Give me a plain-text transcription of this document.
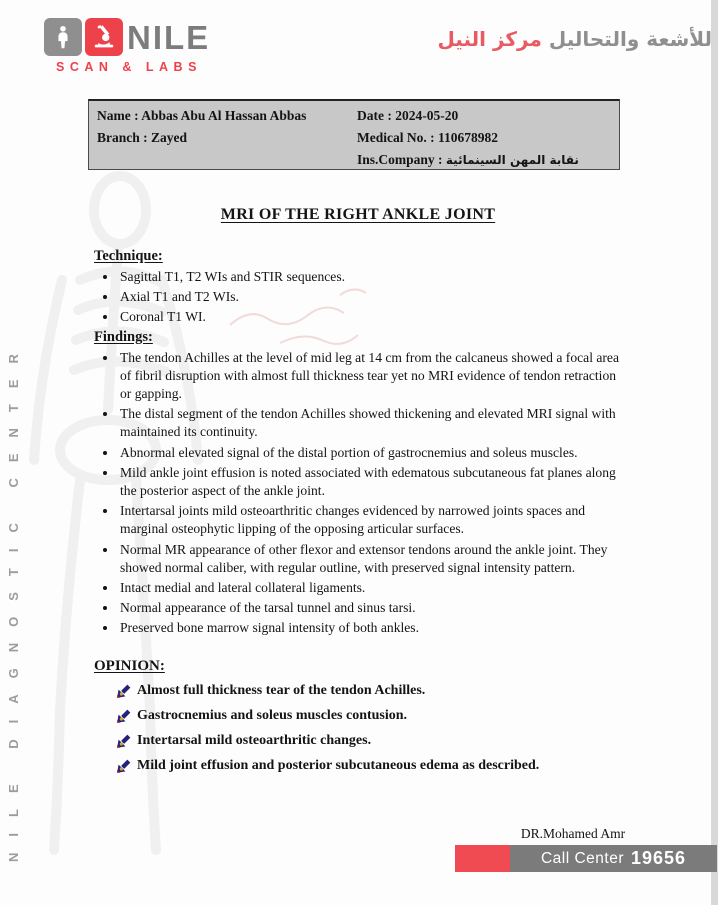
NILE DIAGNOSTIC CENTER
NILE
SCAN & LABS
مركز النيل للأشعة والتحاليل
Name : Abbas Abu Al Hassan Abbas
Branch : Zayed
Date : 2024-05-20
Medical No. : 110678982
Ins.Company : نقابة المهن السينمائية
MRI OF THE RIGHT ANKLE JOINT
Technique:
• Sagittal T1, T2 WIs and STIR sequences.
• Axial T1 and T2 WIs.
• Coronal T1 WI.
Findings:
• The tendon Achilles at the level of mid leg at 14 cm from the calcaneus showed a focal area of fibril disruption with almost full thickness tear yet no MRI evidence of tendon retraction or gapping.
• The distal segment of the tendon Achilles showed thickening and elevated MRI signal with maintained its continuity.
• Abnormal elevated signal of the distal portion of gastrocnemius and soleus muscles.
• Mild ankle joint effusion is noted associated with edematous subcutaneous fat planes along the posterior aspect of the ankle joint.
• Intertarsal joints mild osteoarthritic changes evidenced by narrowed joints spaces and marginal osteophytic lipping of the opposing articular surfaces.
• Normal MR appearance of other flexor and extensor tendons around the ankle joint. They showed normal caliber, with regular outline, with preserved signal intensity pattern.
• Intact medial and lateral collateral ligaments.
• Normal appearance of the tarsal tunnel and sinus tarsi.
• Preserved bone marrow signal intensity of both ankles.
OPINION:
Almost full thickness tear of the tendon Achilles.
Gastrocnemius and soleus muscles contusion.
Intertarsal mild osteoarthritic changes.
Mild joint effusion and posterior subcutaneous edema as described.
DR.Mohamed Amr
Call Center 19656
